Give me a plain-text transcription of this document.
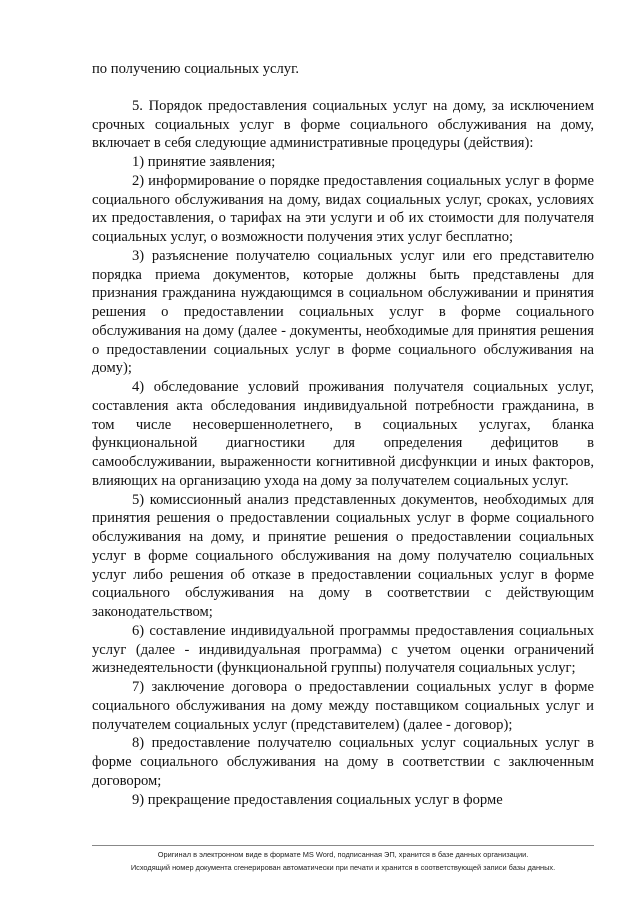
по получению социальных услуг.

5. Порядок предоставления социальных услуг на дому, за исключением срочных социальных услуг в форме социального обслуживания на дому, включает в себя следующие административные процедуры (действия):

1) принятие заявления;

2) информирование о порядке предоставления социальных услуг в форме социального обслуживания на дому, видах социальных услуг, сроках, условиях их предоставления, о тарифах на эти услуги и об их стоимости для получателя социальных услуг, о возможности получения этих услуг бесплатно;

3) разъяснение получателю социальных услуг или его представителю порядка приема документов, которые должны быть представлены для признания гражданина нуждающимся в социальном обслуживании и принятия решения о предоставлении социальных услуг в форме социального обслуживания на дому (далее - документы, необходимые для принятия решения о предоставлении социальных услуг в форме социального обслуживания на дому);

4) обследование условий проживания получателя социальных услуг, составления акта обследования индивидуальной потребности гражданина, в том числе несовершеннолетнего, в социальных услугах, бланка функциональной диагностики для определения дефицитов в самообслуживании, выраженности когнитивной дисфункции и иных факторов, влияющих на организацию ухода на дому за получателем социальных услуг.

5) комиссионный анализ представленных документов, необходимых для принятия решения о предоставлении социальных услуг в форме социального обслуживания на дому, и принятие решения о предоставлении социальных услуг в форме социального обслуживания на дому получателю социальных услуг либо решения об отказе в предоставлении социальных услуг в форме социального обслуживания на дому в соответствии с действующим законодательством;

6) составление индивидуальной программы предоставления социальных услуг (далее - индивидуальная программа) с учетом оценки ограничений жизнедеятельности (функциональной группы) получателя социальных услуг;

7) заключение договора о предоставлении социальных услуг в форме социального обслуживания на дому между поставщиком социальных услуг и получателем социальных услуг (представителем) (далее - договор);

8) предоставление получателю социальных услуг социальных услуг в форме социального обслуживания на дому в соответствии с заключенным договором;

9) прекращение предоставления социальных услуг в форме

Оригинал в электронном виде в формате MS Word, подписанная ЭП, хранится в базе данных организации.
Исходящий номер документа сгенерирован автоматически при печати и хранится в соответствующей записи базы данных.
